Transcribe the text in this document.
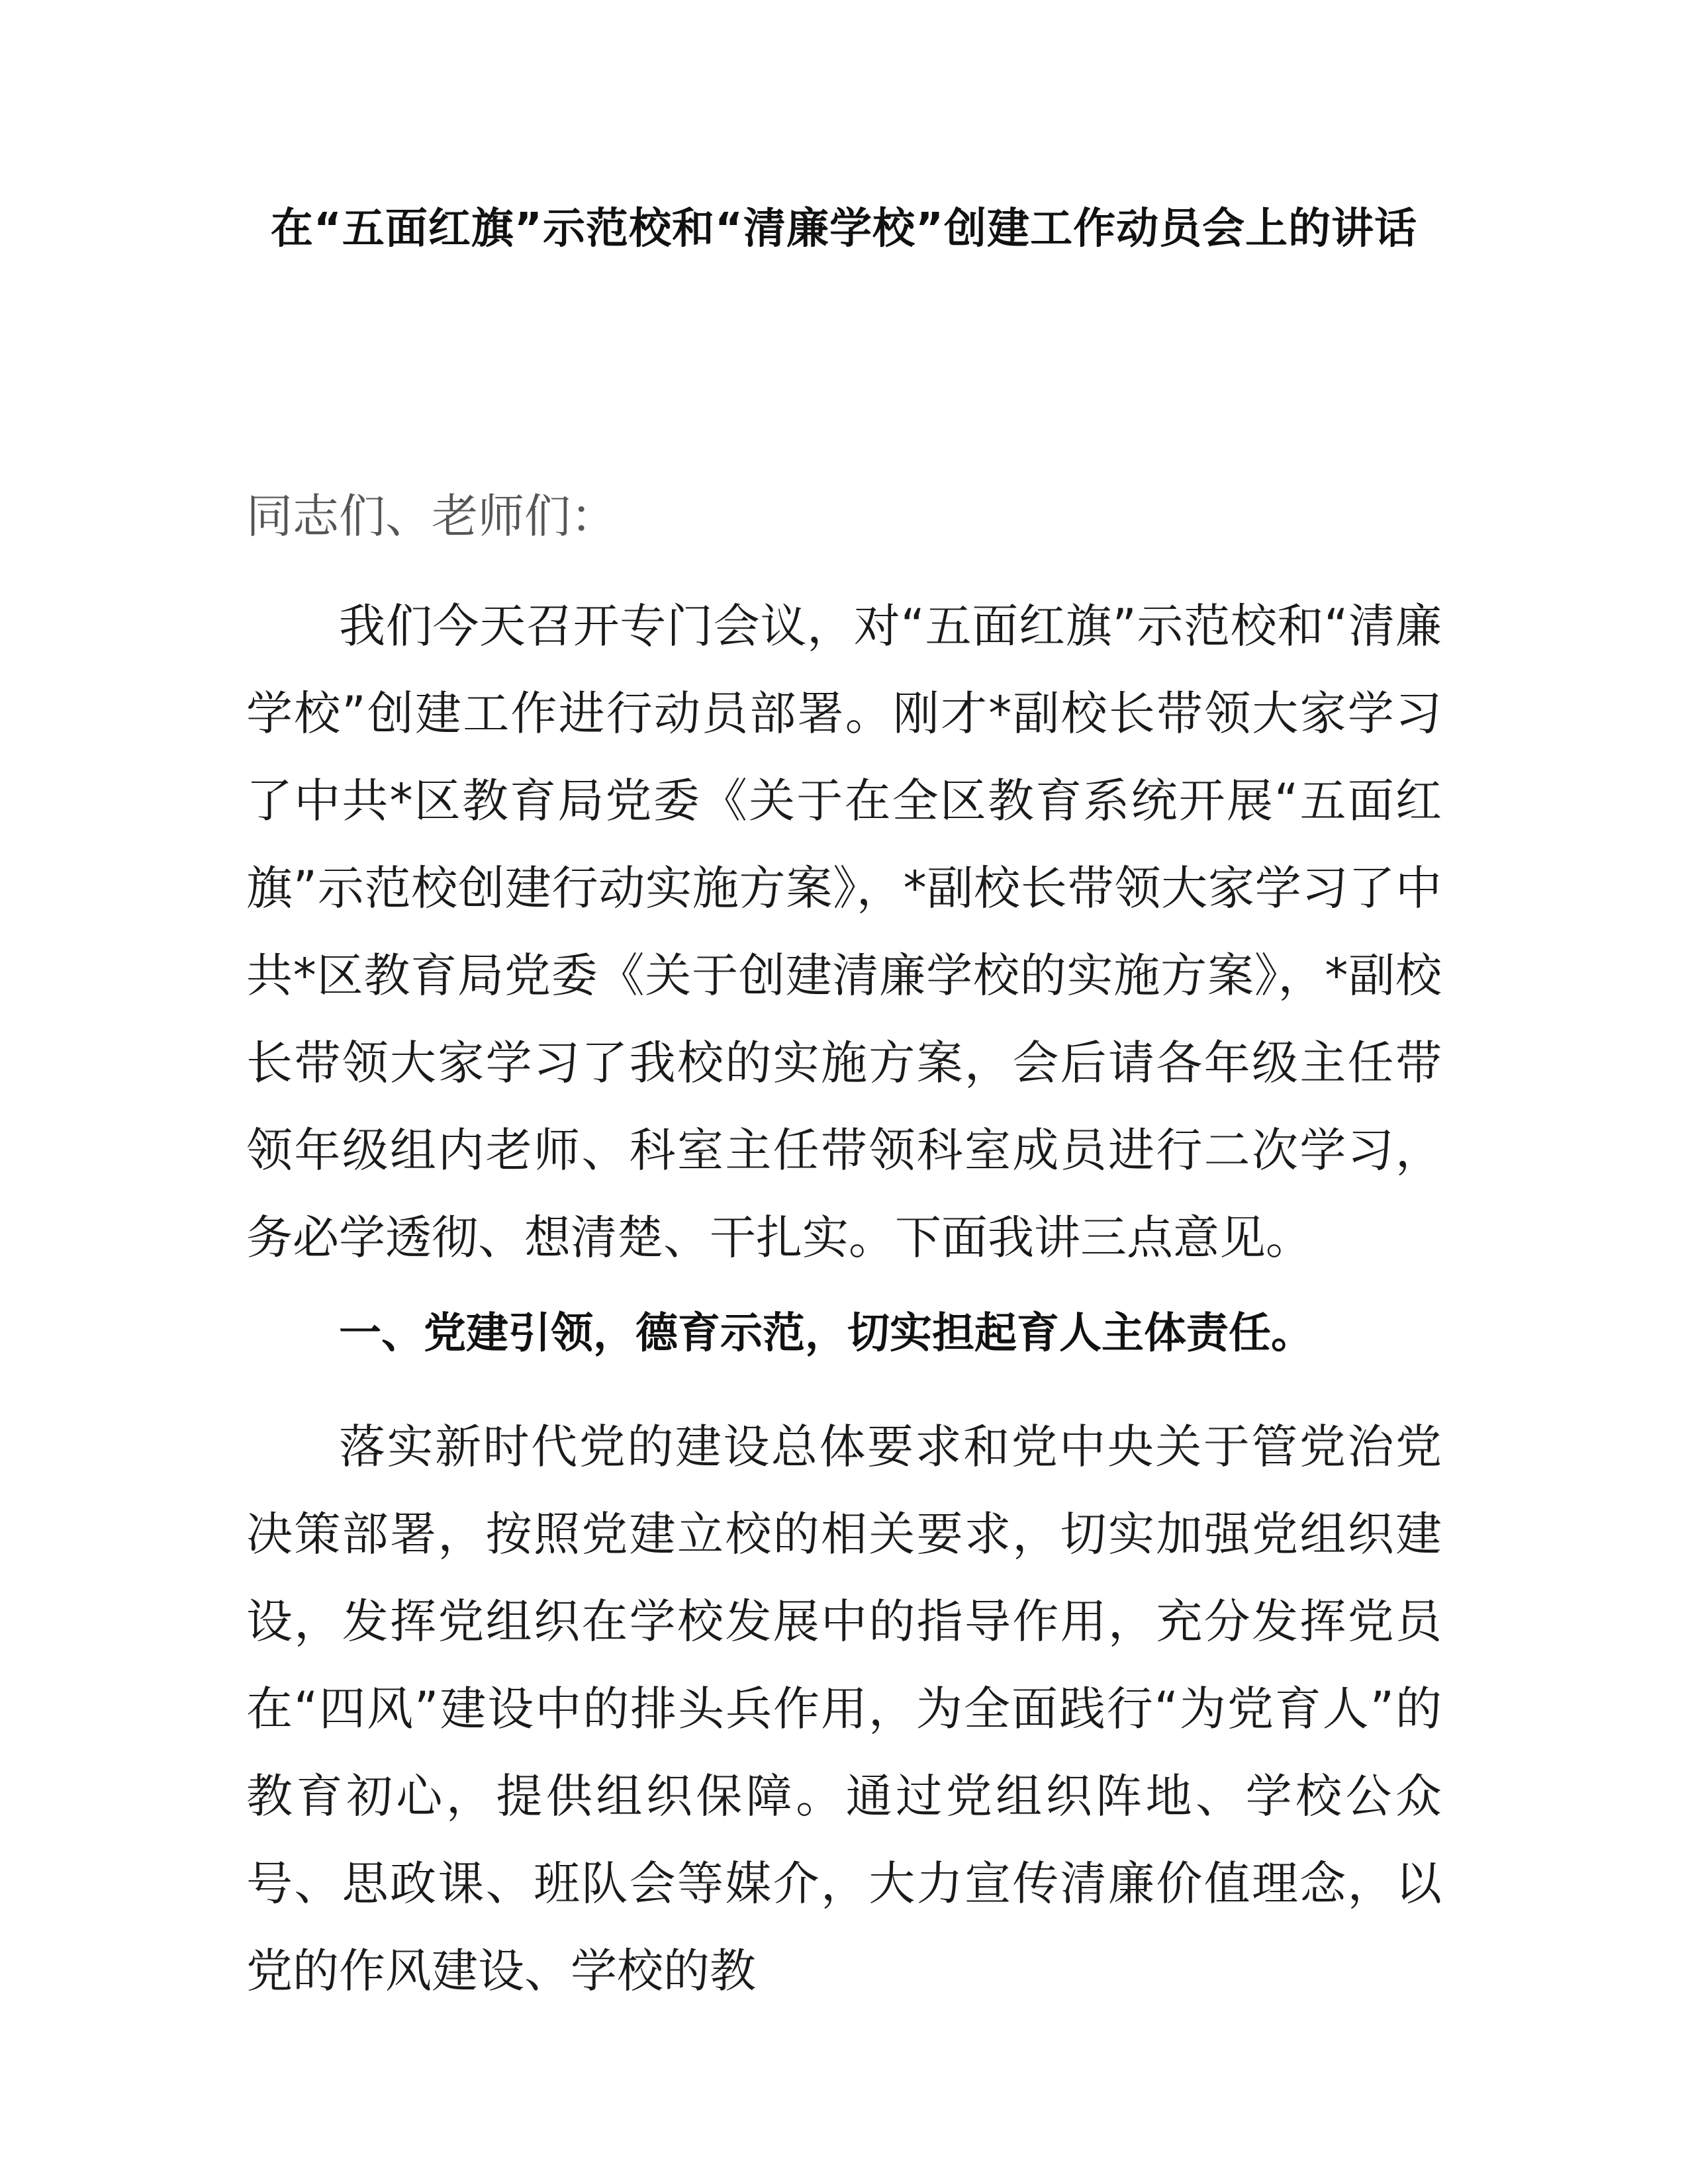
在“五面红旗”示范校和“清廉学校”创建工作动员会上的讲话

同志们、老师们：

我们今天召开专门会议，对“五面红旗”示范校和“清廉学校”创建工作进行动员部署。刚才*副校长带领大家学习了中共*区教育局党委《关于在全区教育系统开展“五面红旗”示范校创建行动实施方案》，*副校长带领大家学习了中共*区教育局党委《关于创建清廉学校的实施方案》，*副校长带领大家学习了我校的实施方案，会后请各年级主任带领年级组内老师、科室主任带领科室成员进行二次学习，务必学透彻、想清楚、干扎实。下面我讲三点意见。

一、党建引领，德育示范，切实担起育人主体责任。

落实新时代党的建设总体要求和党中央关于管党治党决策部署，按照党建立校的相关要求，切实加强党组织建设，发挥党组织在学校发展中的指导作用，充分发挥党员在“四风”建设中的排头兵作用，为全面践行“为党育人”的教育初心，提供组织保障。通过党组织阵地、学校公众号、思政课、班队会等媒介，大力宣传清廉价值理念，以党的作风建设、学校的教
